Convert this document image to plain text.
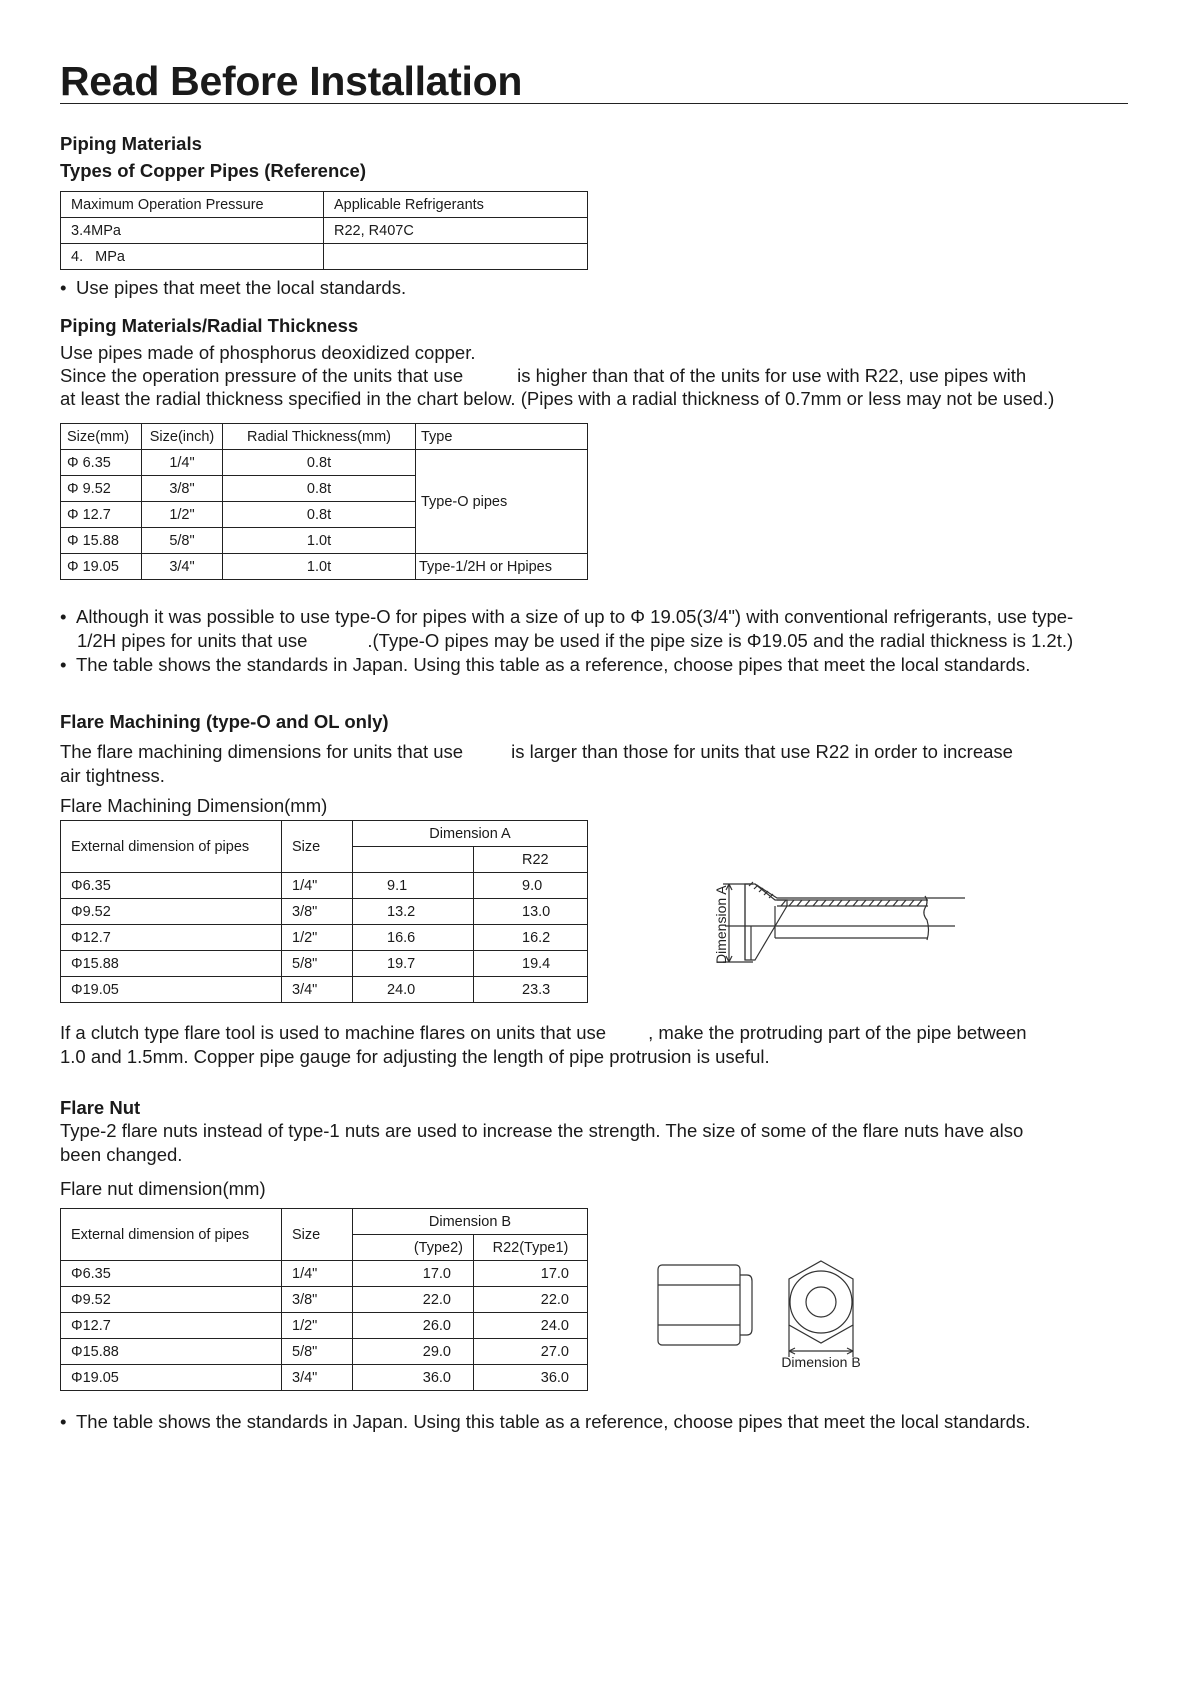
Read Before Installation
Piping Materials
Types of Copper Pipes (Reference)
Maximum Operation Pressure	Applicable Refrigerants
3.4MPa	R22, R407C
4.   MPa	
• Use pipes that meet the local standards.
Piping Materials/Radial Thickness
Use pipes made of phosphorus deoxidized copper.
Since the operation pressure of the units that use	is higher than that of the units for use with R22, use pipes with
at least the radial thickness specified in the chart below. (Pipes with a radial thickness of 0.7mm or less may not be used.)
Size(mm)	Size(inch)	Radial Thickness(mm)	Type
Φ 6.35	1/4"	0.8t	Type-O pipes
Φ 9.52	3/8"	0.8t	
Φ 12.7	1/2"	0.8t	
Φ 15.88	5/8"	1.0t	
Φ 19.05	3/4"	1.0t	Type-1/2H or Hpipes
• Although it was possible to use type-O for pipes with a size of up to Φ 19.05(3/4") with conventional refrigerants, use type-
1/2H pipes for units that use	.(Type-O pipes may be used if the pipe size is Φ19.05 and the radial thickness is 1.2t.)
• The table shows the standards in Japan. Using this table as a reference, choose pipes that meet the local standards.
Flare Machining (type-O and OL only)
The flare machining dimensions for units that use	is larger than those for units that use R22 in order to increase
air tightness.
Flare Machining Dimension(mm)
External dimension of pipes	Size	Dimension A	
			R22
Φ6.35	1/4"	9.1	9.0
Φ9.52	3/8"	13.2	13.0
Φ12.7	1/2"	16.6	16.2
Φ15.88	5/8"	19.7	19.4
Φ19.05	3/4"	24.0	23.3
Dimension A
If a clutch type flare tool is used to machine flares on units that use , make the protruding part of the pipe between
1.0 and 1.5mm. Copper pipe gauge for adjusting the length of pipe protrusion is useful.
Flare Nut
Type-2 flare nuts instead of type-1 nuts are used to increase the strength. The size of some of the flare nuts have also
been changed.
Flare nut dimension(mm)
External dimension of pipes	Size	Dimension B	
		(Type2)	R22(Type1)
Φ6.35	1/4"	17.0	17.0
Φ9.52	3/8"	22.0	22.0
Φ12.7	1/2"	26.0	24.0
Φ15.88	5/8"	29.0	27.0
Φ19.05	3/4"	36.0	36.0
Dimension B
• The table shows the standards in Japan. Using this table as a reference, choose pipes that meet the local standards.
